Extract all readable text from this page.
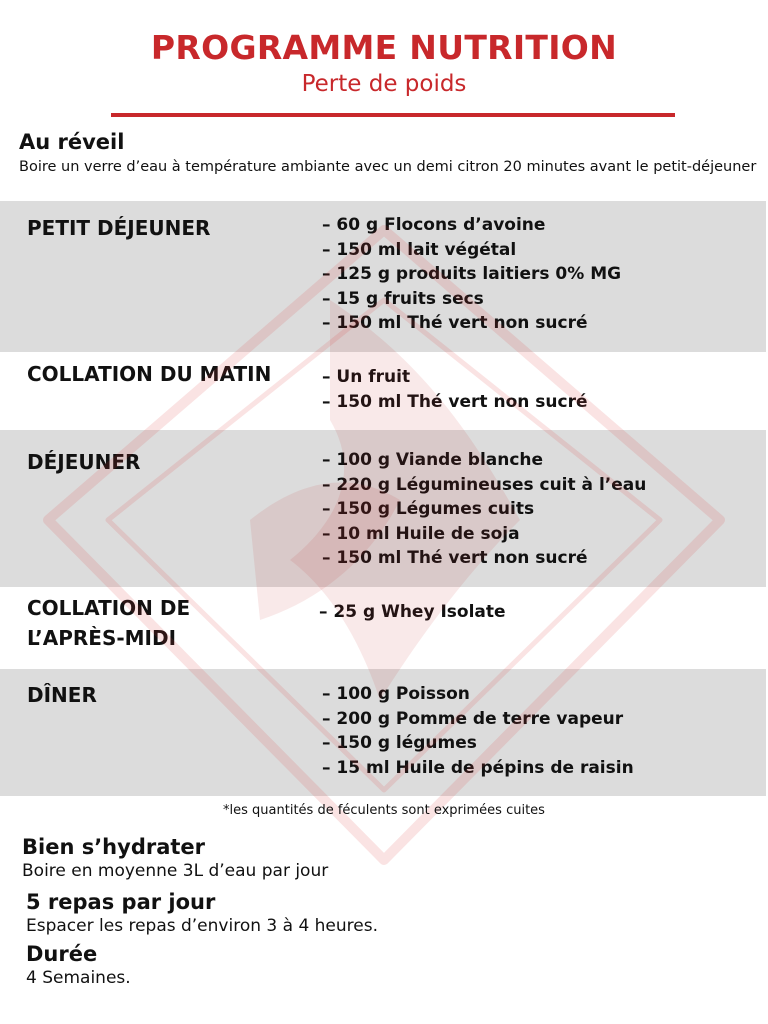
PROGRAMME NUTRITION
Perte de poids
Au réveil

Boire un verre d’eau à température ambiante avec un demi citron 20 minutes avant le petit-déjeuner

PETIT DÉJEUNER	– 60 g Flocons d’avoine
– 150 ml lait végétal
– 125 g produits laitiers 0% MG
– 15 g fruits secs
– 150 ml Thé vert non sucré
COLLATION DU MATIN	– Un fruit
– 150 ml Thé vert non sucré
DÉJEUNER	– 100 g Viande blanche
– 220 g Légumineuses cuit à l’eau
– 150 g Légumes cuits
– 10 ml Huile de soja
– 150 ml Thé vert non sucré
COLLATION DE L’APRÈS-MIDI
– 25 g Whey Isolate
DÎNER	– 100 g Poisson
– 200 g Pomme de terre vapeur
– 150 g légumes
– 15 ml Huile de pépins de raisin
*les quantités de féculents sont exprimées cuites
Bien s’hydrater

Boire en moyenne 3L d’eau par jour

5 repas par jour

Espacer les repas d’environ 3 à 4 heures.

Durée

4 Semaines.
